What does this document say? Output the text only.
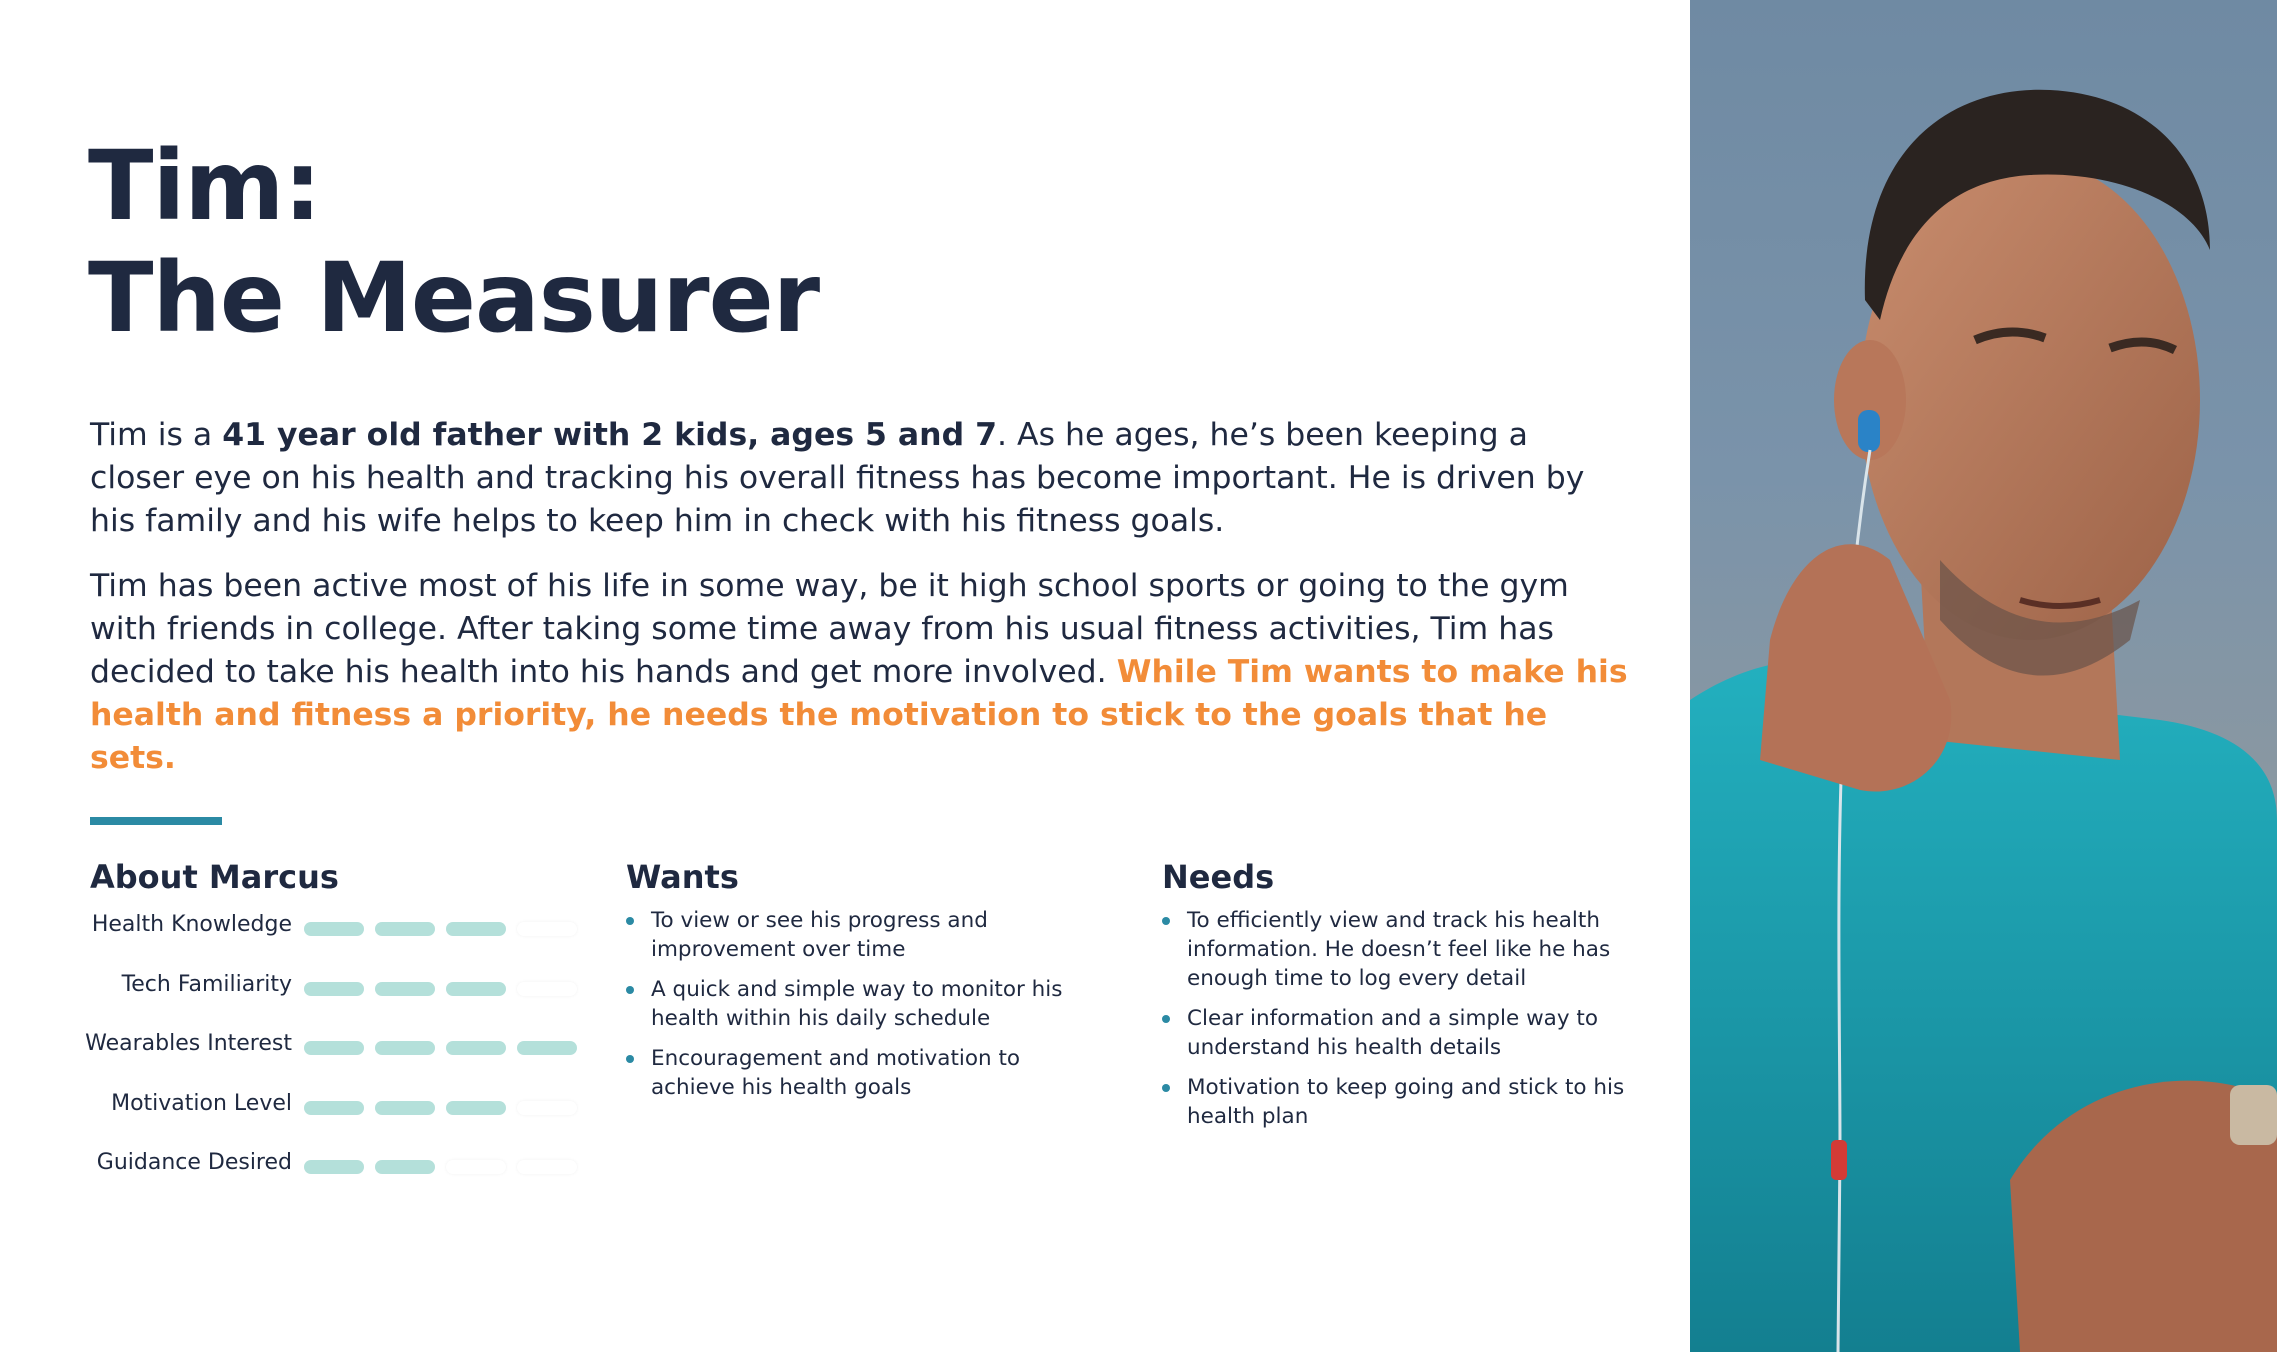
Tim:
The Measurer

Tim is a 41 year old father with 2 kids, ages 5 and 7. As he ages, he’s been keeping a closer eye on his health and tracking his overall fitness has become important. He is driven by his family and his wife helps to keep him in check with his fitness goals.

Tim has been active most of his life in some way, be it high school sports or going to the gym with friends in college. After taking some time away from his usual fitness activities, Tim has decided to take his health into his hands and get more involved. While Tim wants to make his health and fitness a priority, he needs the motivation to stick to the goals that he sets.

About Marcus	Wants	Needs
Health Knowledge
Tech Familiarity
Wearables Interest
Motivation Level
Guidance Desired
To view or see his progress and improvement over time
A quick and simple way to monitor his health within his daily schedule
Encouragement and motivation to achieve his health goals
To efficiently view and track his health information. He doesn’t feel like he has enough time to log every detail
Clear information and a simple way to understand his health details
Motivation to keep going and stick to his health plan
